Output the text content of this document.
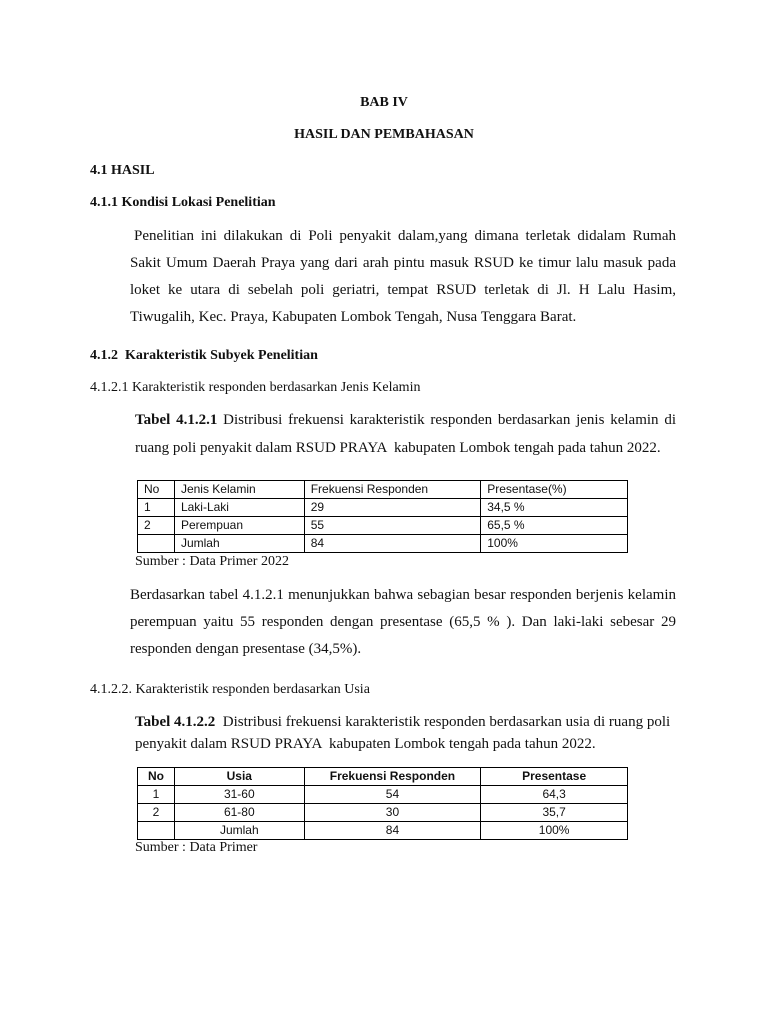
BAB IV
HASIL DAN PEMBAHASAN
4.1 HASIL
4.1.1 Kondisi Lokasi Penelitian
Penelitian ini dilakukan di Poli penyakit dalam,yang dimana terletak didalam Rumah
Sakit Umum Daerah Praya yang dari arah pintu masuk RSUD ke timur lalu masuk pada
loket ke utara di sebelah poli geriatri, tempat RSUD terletak di Jl. H Lalu Hasim,
Tiwugalih, Kec. Praya, Kabupaten Lombok Tengah, Nusa Tenggara Barat.
4.1.2  Karakteristik Subyek Penelitian
4.1.2.1 Karakteristik responden berdasarkan Jenis Kelamin
Tabel 4.1.2.1 Distribusi frekuensi karakteristik responden berdasarkan jenis kelamin di
ruang poli penyakit dalam RSUD PRAYA  kabupaten Lombok tengah pada tahun 2022.
No	Jenis Kelamin	Frekuensi Responden	Presentase(%)
1	Laki-Laki	29	34,5 %
2	Perempuan	55	65,5 %
	Jumlah	84	100%
Sumber : Data Primer 2022
Berdasarkan tabel 4.1.2.1 menunjukkan bahwa sebagian besar responden berjenis kelamin
perempuan yaitu 55 responden dengan presentase (65,5 % ). Dan laki-laki sebesar 29
responden dengan presentase (34,5%).
4.1.2.2. Karakteristik responden berdasarkan Usia
Tabel 4.1.2.2  Distribusi frekuensi karakteristik responden berdasarkan usia di ruang poli
penyakit dalam RSUD PRAYA  kabupaten Lombok tengah pada tahun 2022.
No	Usia	Frekuensi Responden	Presentase
1	31-60	54	64,3
2	61-80	30	35,7
	Jumlah	84	100%
Sumber : Data Primer
